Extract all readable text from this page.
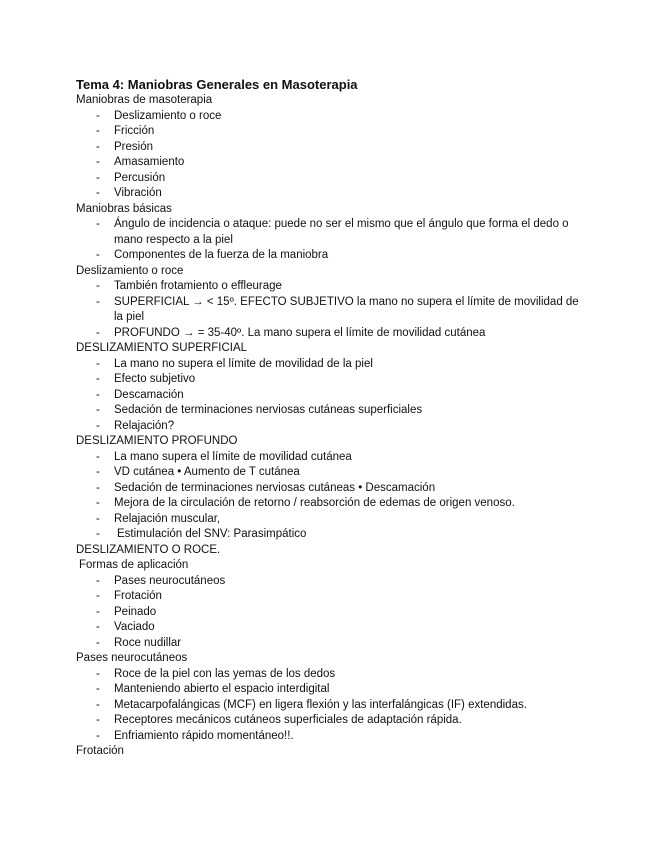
Tema 4: Maniobras Generales en Masoterapia

Maniobras de masoterapia

- Deslizamiento o roce
- Fricción
- Presión
- Amasamiento
- Percusión
- Vibración

Maniobras básicas

- Ángulo de incidencia o ataque: puede no ser el mismo que el ángulo que forma el dedo o mano respecto a la piel
- Componentes de la fuerza de la maniobra

Deslizamiento o roce

- También frotamiento o effleurage
- SUPERFICIAL → < 15º. EFECTO SUBJETIVO la mano no supera el límite de movilidad de la piel
- PROFUNDO → = 35-40º. La mano supera el límite de movilidad cutánea

DESLIZAMIENTO SUPERFICIAL

- La mano no supera el límite de movilidad de la piel
- Efecto subjetivo
- Descamación
- Sedación de terminaciones nerviosas cutáneas superficiales
- Relajación?

DESLIZAMIENTO PROFUNDO

- La mano supera el límite de movilidad cutánea
- VD cutánea • Aumento de T cutánea
- Sedación de terminaciones nerviosas cutáneas • Descamación
- Mejora de la circulación de retorno / reabsorción de edemas de origen venoso.
- Relajación muscular,
- Estimulación del SNV: Parasimpático

DESLIZAMIENTO O ROCE.

Formas de aplicación

- Pases neurocutáneos
- Frotación
- Peinado
- Vaciado
- Roce nudillar

Pases neurocutáneos

- Roce de la piel con las yemas de los dedos
- Manteniendo abierto el espacio interdigital
- Metacarpofalángicas (MCF) en ligera flexión y las interfalángicas (IF) extendidas.
- Receptores mecánicos cutáneos superficiales de adaptación rápida.
- Enfriamiento rápido momentáneo!!.

Frotación
